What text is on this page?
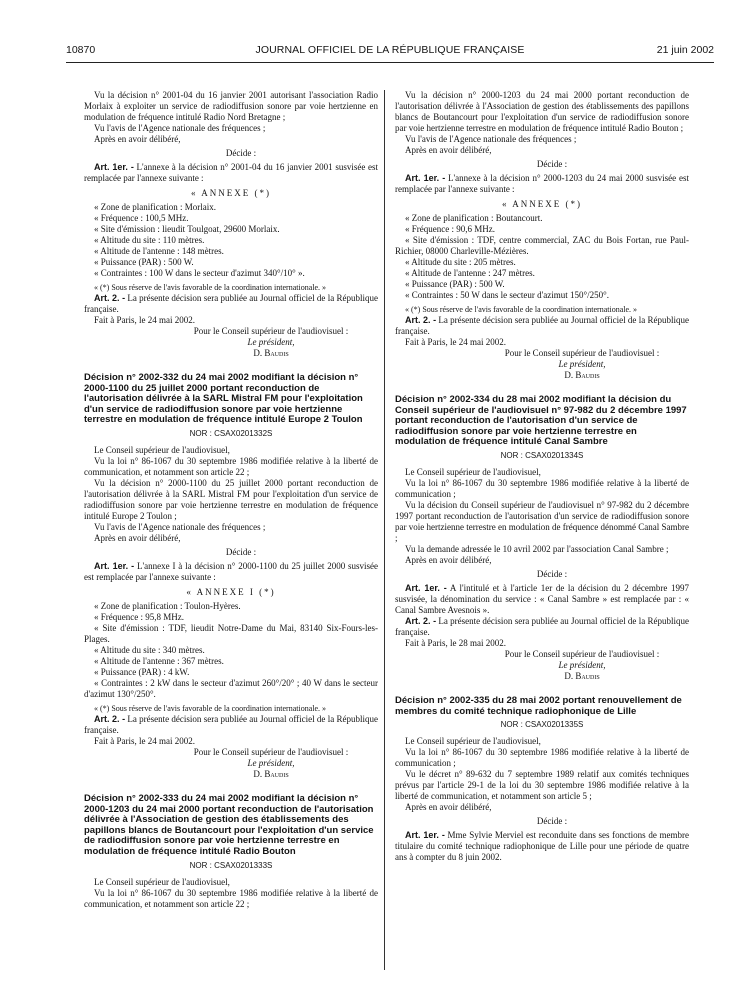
10870	JOURNAL OFFICIEL DE LA RÉPUBLIQUE FRANÇAISE	21 juin 2002

Vu la décision n° 2001-04 du 16 janvier 2001 autorisant l'association Radio Morlaix à exploiter un service de radiodiffusion sonore par voie hertzienne en modulation de fréquence intitulé Radio Nord Bretagne ;

Vu l'avis de l'Agence nationale des fréquences ;

Après en avoir délibéré,

Décide :

Art. 1er. - L'annexe à la décision n° 2001-04 du 16 janvier 2001 susvisée est remplacée par l'annexe suivante :

« ANNEXE (*)

« Zone de planification : Morlaix.

« Fréquence : 100,5 MHz.

« Site d'émission : lieudit Toulgoat, 29600 Morlaix.

« Altitude du site : 110 mètres.

« Altitude de l'antenne : 148 mètres.

« Puissance (PAR) : 500 W.

« Contraintes : 100 W dans le secteur d'azimut 340°/10° ».

« (*) Sous réserve de l'avis favorable de la coordination internationale. »

Art. 2. - La présente décision sera publiée au Journal officiel de la République française.

Fait à Paris, le 24 mai 2002.

Pour le Conseil supérieur de l'audiovisuel :

Le président,

D. Baudis

Décision n° 2002-332 du 24 mai 2002 modifiant la décision n° 2000-1100 du 25 juillet 2000 portant reconduction de l'autorisation délivrée à la SARL Mistral FM pour l'exploitation d'un service de radiodiffusion sonore par voie hertzienne terrestre en modulation de fréquence intitulé Europe 2 Toulon

NOR : CSAX0201332S

Le Conseil supérieur de l'audiovisuel,

Vu la loi n° 86-1067 du 30 septembre 1986 modifiée relative à la liberté de communication, et notamment son article 22 ;

Vu la décision n° 2000-1100 du 25 juillet 2000 portant reconduction de l'autorisation délivrée à la SARL Mistral FM pour l'exploitation d'un service de radiodiffusion sonore par voie hertzienne terrestre en modulation de fréquence intitulé Europe 2 Toulon ;

Vu l'avis de l'Agence nationale des fréquences ;

Après en avoir délibéré,

Décide :

Art. 1er. - L'annexe I à la décision n° 2000-1100 du 25 juillet 2000 susvisée est remplacée par l'annexe suivante :

« ANNEXE I (*)

« Zone de planification : Toulon-Hyères.

« Fréquence : 95,8 MHz.

« Site d'émission : TDF, lieudit Notre-Dame du Mai, 83140 Six-Fours-les-Plages.

« Altitude du site : 340 mètres.

« Altitude de l'antenne : 367 mètres.

« Puissance (PAR) : 4 kW.

« Contraintes : 2 kW dans le secteur d'azimut 260°/20° ; 40 W dans le secteur d'azimut 130°/250°.

« (*) Sous réserve de l'avis favorable de la coordination internationale. »

Art. 2. - La présente décision sera publiée au Journal officiel de la République française.

Fait à Paris, le 24 mai 2002.

Pour le Conseil supérieur de l'audiovisuel :

Le président,

D. Baudis

Décision n° 2002-333 du 24 mai 2002 modifiant la décision n° 2000-1203 du 24 mai 2000 portant reconduction de l'autorisation délivrée à l'Association de gestion des établissements des papillons blancs de Boutancourt pour l'exploitation d'un service de radiodiffusion sonore par voie hertzienne terrestre en modulation de fréquence intitulé Radio Bouton

NOR : CSAX0201333S

Le Conseil supérieur de l'audiovisuel,

Vu la loi n° 86-1067 du 30 septembre 1986 modifiée relative à la liberté de communication, et notamment son article 22 ;

Vu la décision n° 2000-1203 du 24 mai 2000 portant reconduction de l'autorisation délivrée à l'Association de gestion des établissements des papillons blancs de Boutancourt pour l'exploitation d'un service de radiodiffusion sonore par voie hertzienne terrestre en modulation de fréquence intitulé Radio Bouton ;

Vu l'avis de l'Agence nationale des fréquences ;

Après en avoir délibéré,

Décide :

Art. 1er. - L'annexe à la décision n° 2000-1203 du 24 mai 2000 susvisée est remplacée par l'annexe suivante :

« ANNEXE (*)

« Zone de planification : Boutancourt.

« Fréquence : 90,6 MHz.

« Site d'émission : TDF, centre commercial, ZAC du Bois Fortan, rue Paul-Richier, 08000 Charleville-Mézières.

« Altitude du site : 205 mètres.

« Altitude de l'antenne : 247 mètres.

« Puissance (PAR) : 500 W.

« Contraintes : 50 W dans le secteur d'azimut 150°/250°.

« (*) Sous réserve de l'avis favorable de la coordination internationale. »

Art. 2. - La présente décision sera publiée au Journal officiel de la République française.

Fait à Paris, le 24 mai 2002.

Pour le Conseil supérieur de l'audiovisuel :

Le président,

D. Baudis

Décision n° 2002-334 du 28 mai 2002 modifiant la décision du Conseil supérieur de l'audiovisuel n° 97-982 du 2 décembre 1997 portant reconduction de l'autorisation d'un service de radiodiffusion sonore par voie hertzienne terrestre en modulation de fréquence intitulé Canal Sambre

NOR : CSAX0201334S

Le Conseil supérieur de l'audiovisuel,

Vu la loi n° 86-1067 du 30 septembre 1986 modifiée relative à la liberté de communication ;

Vu la décision du Conseil supérieur de l'audiovisuel n° 97-982 du 2 décembre 1997 portant reconduction de l'autorisation d'un service de radiodiffusion sonore par voie hertzienne terrestre en modulation de fréquence dénommé Canal Sambre ;

Vu la demande adressée le 10 avril 2002 par l'association Canal Sambre ;

Après en avoir délibéré,

Décide :

Art. 1er. - A l'intitulé et à l'article 1er de la décision du 2 décembre 1997 susvisée, la dénomination du service : « Canal Sambre » est remplacée par : « Canal Sambre Avesnois ».

Art. 2. - La présente décision sera publiée au Journal officiel de la République française.

Fait à Paris, le 28 mai 2002.

Pour le Conseil supérieur de l'audiovisuel :

Le président,

D. Baudis

Décision n° 2002-335 du 28 mai 2002 portant renouvellement de membres du comité technique radiophonique de Lille

NOR : CSAX0201335S

Le Conseil supérieur de l'audiovisuel,

Vu la loi n° 86-1067 du 30 septembre 1986 modifiée relative à la liberté de communication ;

Vu le décret n° 89-632 du 7 septembre 1989 relatif aux comités techniques prévus par l'article 29-1 de la loi du 30 septembre 1986 modifiée relative à la liberté de communication, et notamment son article 5 ;

Après en avoir délibéré,

Décide :

Art. 1er. - Mme Sylvie Merviel est reconduite dans ses fonctions de membre titulaire du comité technique radiophonique de Lille pour une période de quatre ans à compter du 8 juin 2002.
